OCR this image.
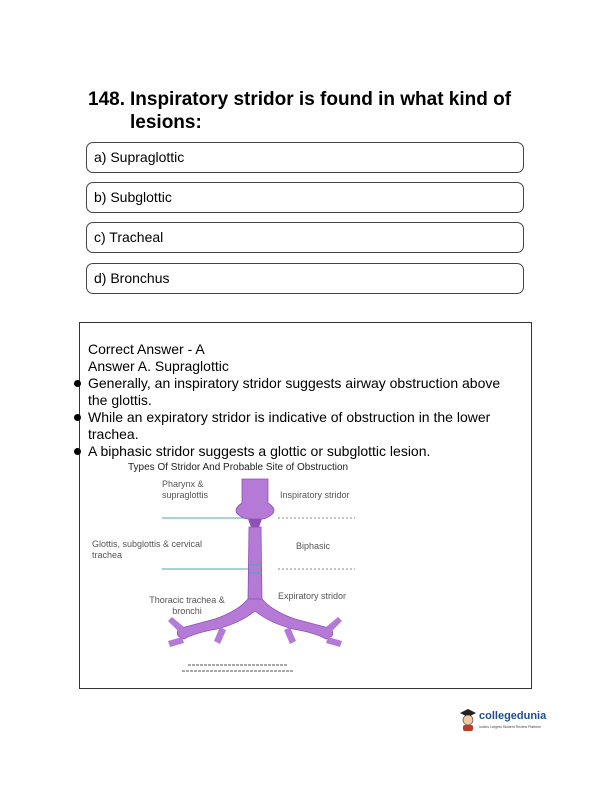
148. Inspiratory stridor is found in what kind of lesions:
a) Supraglottic
b) Subglottic
c) Tracheal
d) Bronchus
Correct Answer - A
Answer A. Supraglottic
Generally, an inspiratory stridor suggests airway obstruction above the glottis.
While an expiratory stridor is indicative of obstruction in the lower trachea.
A biphasic stridor suggests a glottic or subglottic lesion.
Types Of Stridor And Probable Site of Obstruction
Pharynx & supraglottis
Glottis, subglottis & cervical trachea
Thoracic trachea & bronchi
Inspiratory stridor
Biphasic
Expiratory stridor
collegedunia
India's Largest Student Review Platform
